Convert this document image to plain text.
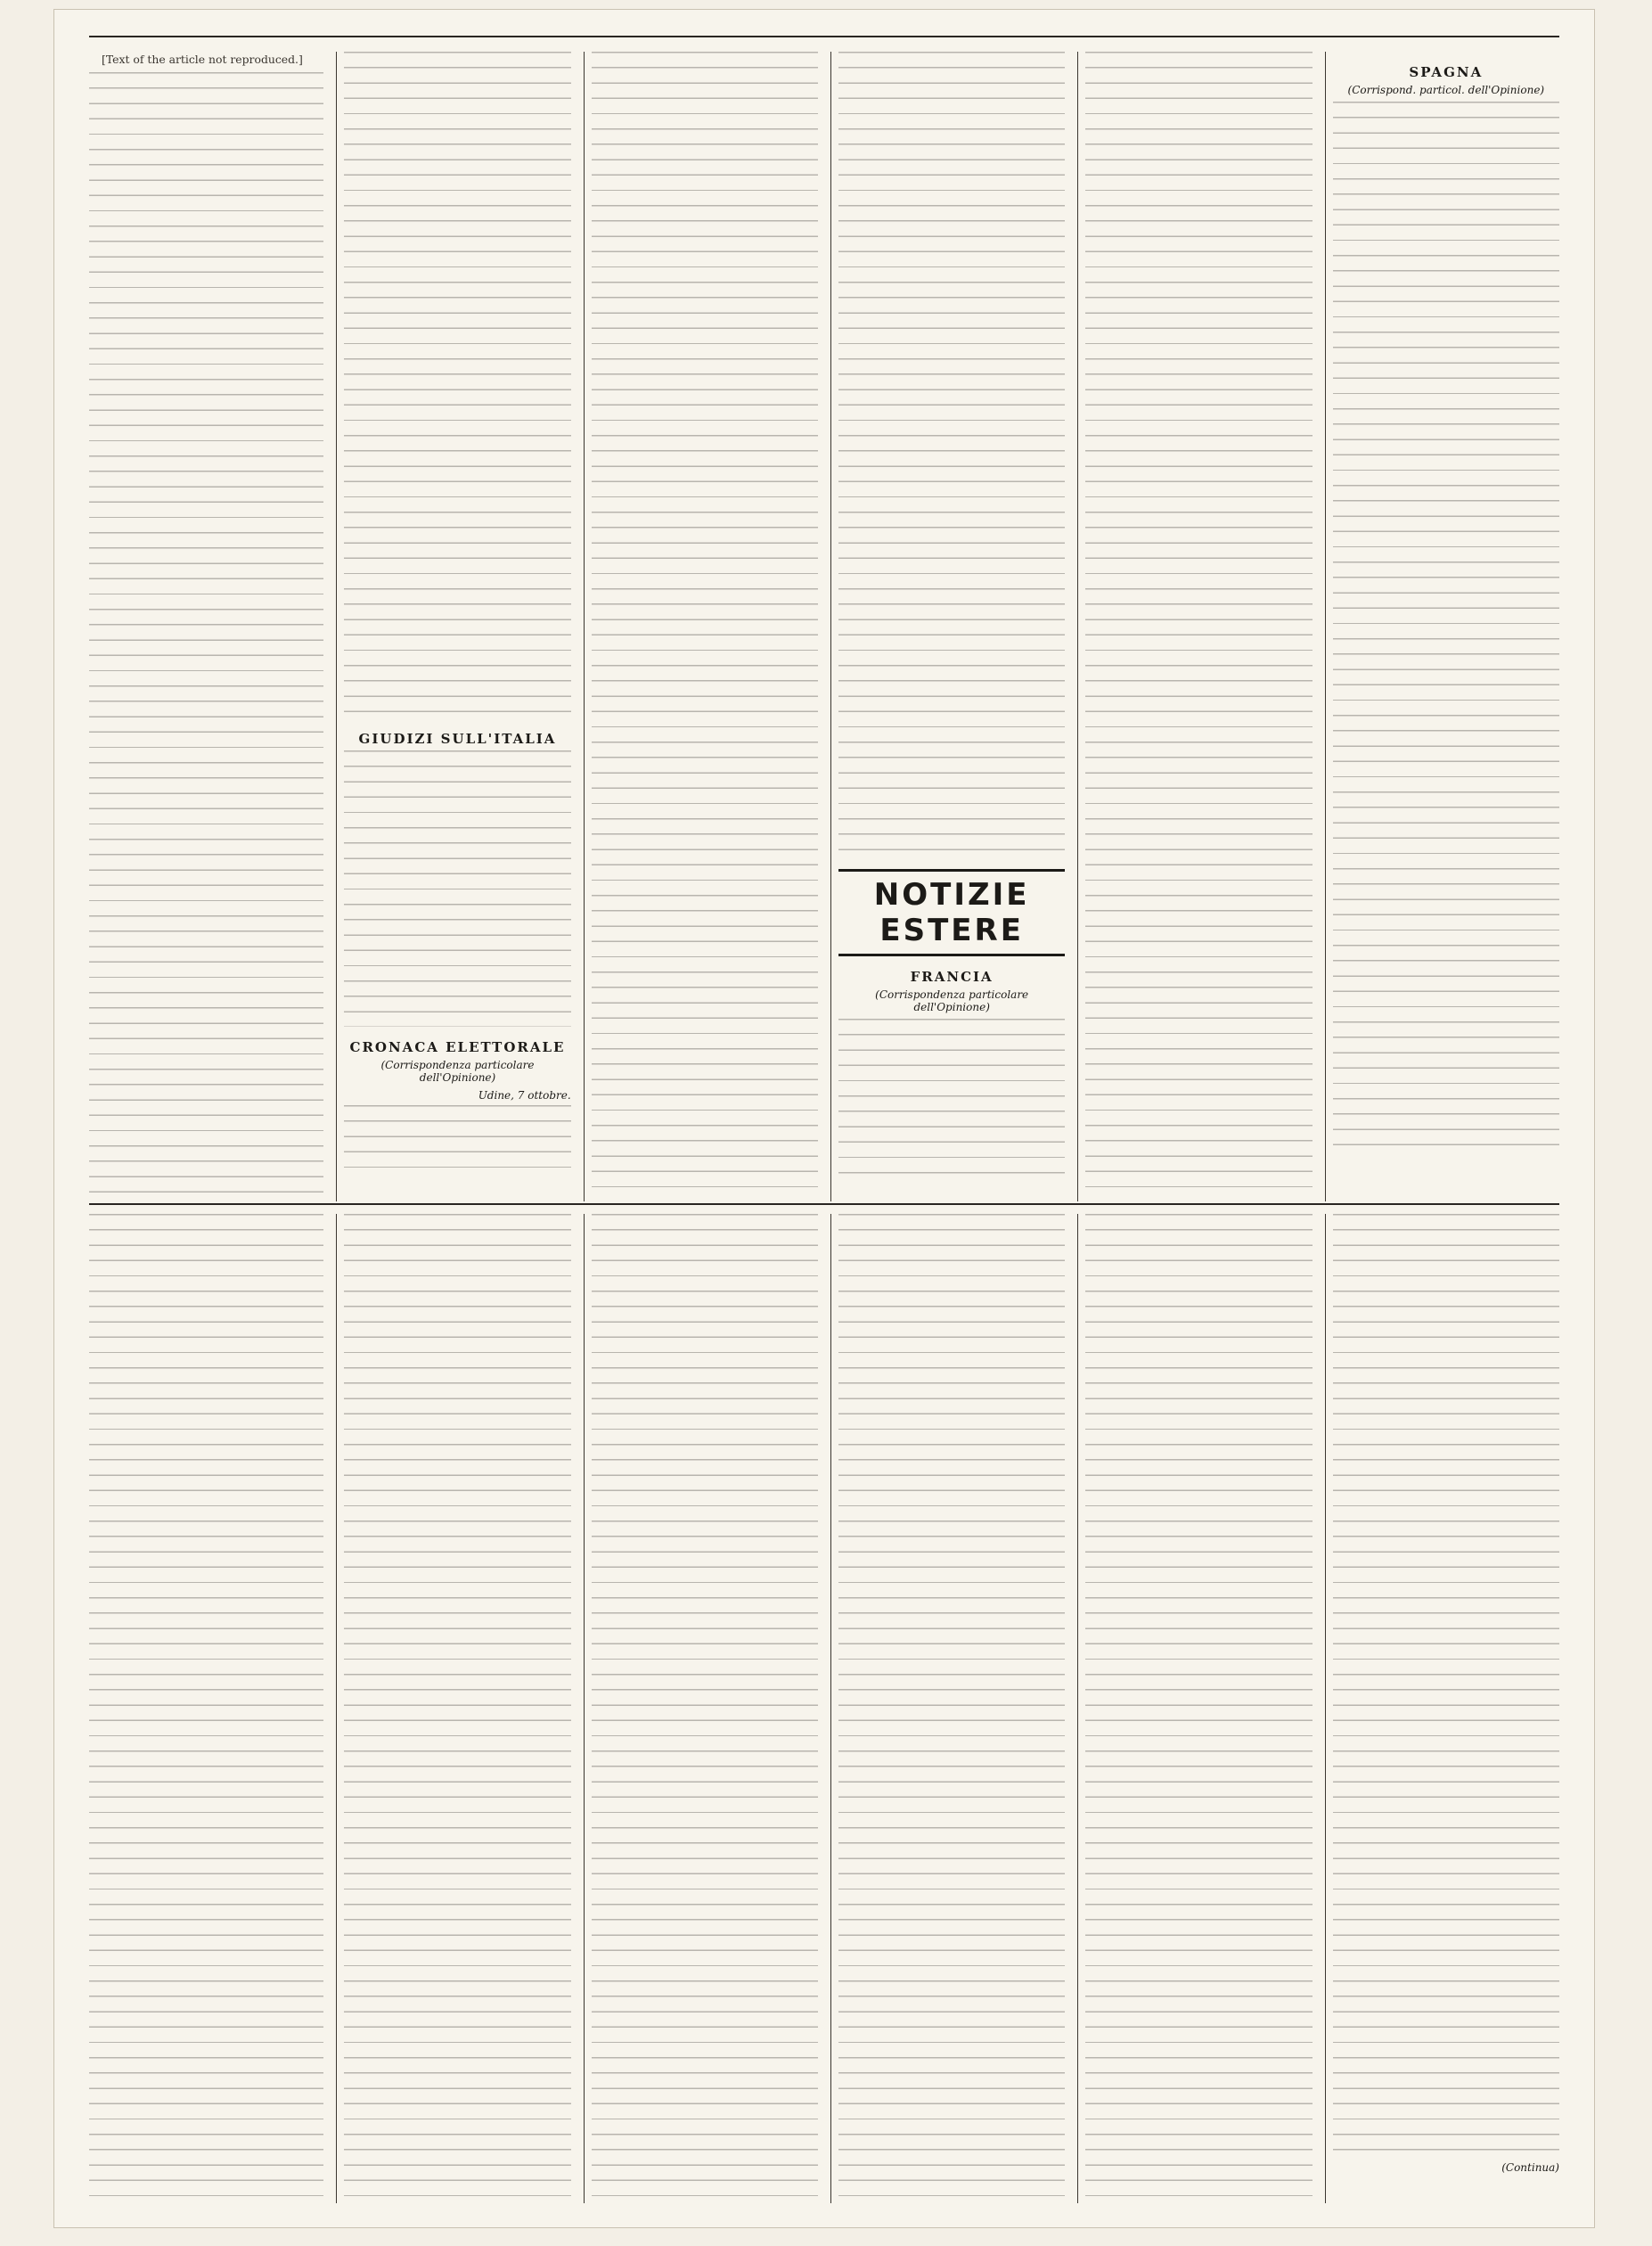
[Text of the article not reproduced.]

GIUDIZI SULL'ITALIA
CRONACA ELETTORALE
(Corrispondenza particolare dell'Opinione)
Udine, 7 ottobre.
NOTIZIE ESTERE
FRANCIA
(Corrispondenza particolare dell'Opinione)
SPAGNA
(Corrispond. particol. dell'Opinione)
(Continua)
